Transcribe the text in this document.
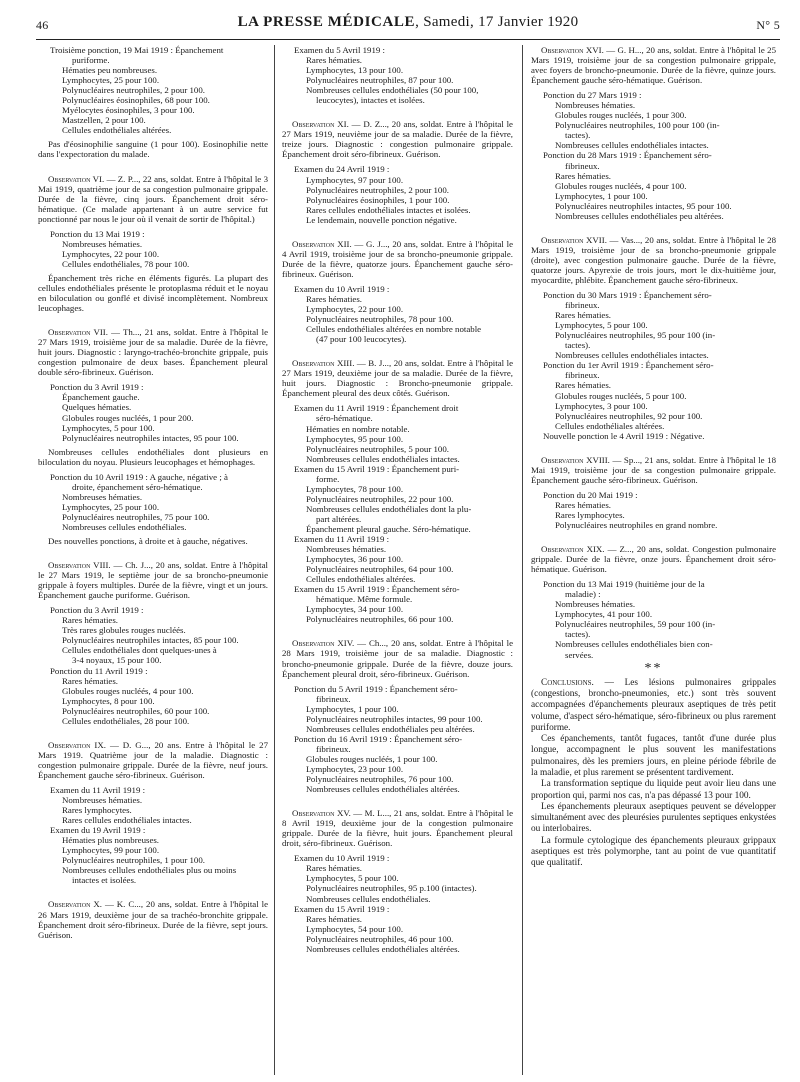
46	LA PRESSE MÉDICALE, Samedi, 17 Janvier 1920	N° 5

Troisième ponction, 19 Mai 1919 : Épanchement

puriforme.

Hématies peu nombreuses.

Lymphocytes, 25 pour 100.

Polynucléaires neutrophiles, 2 pour 100.

Polynucléaires éosinophiles, 68 pour 100.

Myélocytes éosinophiles, 3 pour 100.

Mastzellen, 2 pour 100.

Cellules endothéliales altérées.

Pas d'éosinophilie sanguine (1 pour 100). Eosinophilie nette dans l'expectoration du malade.

Observation VI. — Z. P..., 22 ans, soldat. Entre à l'hôpital le 3 Mai 1919, quatrième jour de sa congestion pulmonaire grippale. Durée de la fièvre, cinq jours. Épanchement droit séro-hématique. (Ce malade appartenant à un autre service fut ponctionné par nous le jour où il venait de sortir de l'hôpital.)

Ponction du 13 Mai 1919 :

Nombreuses hématies.

Lymphocytes, 22 pour 100.

Cellules endothéliales, 78 pour 100.

Épanchement très riche en éléments figurés. La plupart des cellules endothéliales présente le protoplasma réduit et le noyau en biloculation ou gonflé et divisé incomplètement. Nombreux leucophages.

Observation VII. — Th..., 21 ans, soldat. Entre à l'hôpital le 27 Mars 1919, troisième jour de sa maladie. Durée de la fièvre, huit jours. Diagnostic : laryngo-trachéo-bronchite grippale, puis congestion pulmonaire de deux bases. Épanchement pleural double séro-fibrineux. Guérison.

Ponction du 3 Avril 1919 :

Épanchement gauche.

Quelques hématies.

Globules rouges nucléés, 1 pour 200.

Lymphocytes, 5 pour 100.

Polynucléaires neutrophiles intactes, 95 pour 100.

Nombreuses cellules endothéliales dont plusieurs en biloculation du noyau. Plusieurs leucophages et hémophages.

Ponction du 10 Avril 1919 : A gauche, négative ; à

droite, épanchement séro-hématique.

Nombreuses hématies.

Lymphocytes, 25 pour 100.

Polynucléaires neutrophiles, 75 pour 100.

Nombreuses cellules endothéliales.

Des nouvelles ponctions, à droite et à gauche, négatives.

Observation VIII. — Ch. J..., 20 ans, soldat. Entre à l'hôpital le 27 Mars 1919, le septième jour de sa broncho-pneumonie grippale à foyers multiples. Durée de la fièvre, vingt et un jours. Épanchement gauche puriforme. Guérison.

Ponction du 3 Avril 1919 :

Rares hématies.

Très rares globules rouges nucléés.

Polynucléaires neutrophiles intactes, 85 pour 100.

Cellules endothéliales dont quelques-unes à

3-4 noyaux, 15 pour 100.

Ponction du 11 Avril 1919 :

Rares hématies.

Globules rouges nucléés, 4 pour 100.

Lymphocytes, 8 pour 100.

Polynucléaires neutrophiles, 60 pour 100.

Cellules endothéliales, 28 pour 100.

Observation IX. — D. G..., 20 ans. Entre à l'hôpital le 27 Mars 1919. Quatrième jour de la maladie. Diagnostic : congestion pulmonaire grippale. Durée de la fièvre, neuf jours. Épanchement gauche séro-fibrineux. Guérison.

Examen du 11 Avril 1919 :

Nombreuses hématies.

Rares lymphocytes.

Rares cellules endothéliales intactes.

Examen du 19 Avril 1919 :

Hématies plus nombreuses.

Lymphocytes, 99 pour 100.

Polynucléaires neutrophiles, 1 pour 100.

Nombreuses cellules endothéliales plus ou moins

intactes et isolées.

Observation X. — K. C..., 20 ans, soldat. Entre à l'hôpital le 26 Mars 1919, deuxième jour de sa trachéo-bronchite grippale. Épanchement droit séro-fibrineux. Durée de la fièvre, sept jours. Guérison.

Examen du 5 Avril 1919 :

Rares hématies.

Lymphocytes, 13 pour 100.

Polynucléaires neutrophiles, 87 pour 100.

Nombreuses cellules endothéliales (50 pour 100,

leucocytes), intactes et isolées.

Observation XI. — D. Z..., 20 ans, soldat. Entre à l'hôpital le 27 Mars 1919, neuvième jour de sa maladie. Durée de la fièvre, treize jours. Diagnostic : congestion pulmonaire grippale. Épanchement droit séro-fibrineux. Guérison.

Examen du 24 Avril 1919 :

Lymphocytes, 97 pour 100.

Polynucléaires neutrophiles, 2 pour 100.

Polynucléaires éosinophiles, 1 pour 100.

Rares cellules endothéliales intactes et isolées.

Le lendemain, nouvelle ponction négative.

Observation XII. — G. J..., 20 ans, soldat. Entre à l'hôpital le 4 Avril 1919, troisième jour de sa broncho-pneumonie grippale. Durée de la fièvre, quatorze jours. Épanchement gauche séro-fibrineux. Guérison.

Examen du 10 Avril 1919 :

Rares hématies.

Lymphocytes, 22 pour 100.

Polynucléaires neutrophiles, 78 pour 100.

Cellules endothéliales altérées en nombre notable

(47 pour 100 leucocytes).

Observation XIII. — B. J..., 20 ans, soldat. Entre à l'hôpital le 27 Mars 1919, deuxième jour de sa maladie. Durée de la fièvre, huit jours. Diagnostic : Broncho-pneumonie grippale. Épanchement pleural des deux côtés. Guérison.

Examen du 11 Avril 1919 : Épanchement droit

séro-hématique.

Hématies en nombre notable.

Lymphocytes, 95 pour 100.

Polynucléaires neutrophiles, 5 pour 100.

Nombreuses cellules endothéliales intactes.

Examen du 15 Avril 1919 : Épanchement puri-

forme.

Lymphocytes, 78 pour 100.

Polynucléaires neutrophiles, 22 pour 100.

Nombreuses cellules endothéliales dont la plu-

part altérées.

Épanchement pleural gauche. Séro-hématique.

Examen du 11 Avril 1919 :

Nombreuses hématies.

Lymphocytes, 36 pour 100.

Polynucléaires neutrophiles, 64 pour 100.

Cellules endothéliales altérées.

Examen du 15 Avril 1919 : Épanchement séro-

hématique. Même formule.

Lymphocytes, 34 pour 100.

Polynucléaires neutrophiles, 66 pour 100.

Observation XIV. — Ch..., 20 ans, soldat. Entre à l'hôpital le 28 Mars 1919, troisième jour de sa maladie. Diagnostic : broncho-pneumonie grippale. Durée de la fièvre, douze jours. Épanchement pleural droit, séro-fibrineux. Guérison.

Ponction du 5 Avril 1919 : Épanchement séro-

fibrineux.

Lymphocytes, 1 pour 100.

Polynucléaires neutrophiles intactes, 99 pour 100.

Nombreuses cellules endothéliales peu altérées.

Ponction du 16 Avril 1919 : Épanchement séro-

fibrineux.

Globules rouges nucléés, 1 pour 100.

Lymphocytes, 23 pour 100.

Polynucléaires neutrophiles, 76 pour 100.

Nombreuses cellules endothéliales altérées.

Observation XV. — M. L..., 21 ans, soldat. Entre à l'hôpital le 8 Avril 1919, deuxième jour de la congestion pulmonaire grippale. Durée de la fièvre, huit jours. Épanchement pleural droit, séro-fibrineux. Guérison.

Examen du 10 Avril 1919 :

Rares hématies.

Lymphocytes, 5 pour 100.

Polynucléaires neutrophiles, 95 p.100 (intactes).

Nombreuses cellules endothéliales.

Examen du 15 Avril 1919 :

Rares hématies.

Lymphocytes, 54 pour 100.

Polynucléaires neutrophiles, 46 pour 100.

Nombreuses cellules endothéliales altérées.

Observation XVI. — G. H..., 20 ans, soldat. Entre à l'hôpital le 25 Mars 1919, troisième jour de sa congestion pulmonaire grippale, avec foyers de broncho-pneumonie. Durée de la fièvre, quinze jours. Épanchement gauche séro-hématique. Guérison.

Ponction du 27 Mars 1919 :

Nombreuses hématies.

Globules rouges nucléés, 1 pour 300.

Polynucléaires neutrophiles, 100 pour 100 (in-

tactes).

Nombreuses cellules endothéliales intactes.

Ponction du 28 Mars 1919 : Épanchement séro-

fibrineux.

Rares hématies.

Globules rouges nucléés, 4 pour 100.

Lymphocytes, 1 pour 100.

Polynucléaires neutrophiles intactes, 95 pour 100.

Nombreuses cellules endothéliales peu altérées.

Observation XVII. — Vas..., 20 ans, soldat. Entre à l'hôpital le 28 Mars 1919, troisième jour de sa broncho-pneumonie grippale (droite), avec congestion pulmonaire gauche. Durée de la fièvre, quatorze jours. Apyrexie de trois jours, mort le dix-huitième jour, myocardite, phlébite. Épanchement gauche séro-fibrineux.

Ponction du 30 Mars 1919 : Épanchement séro-

fibrineux.

Rares hématies.

Lymphocytes, 5 pour 100.

Polynucléaires neutrophiles, 95 pour 100 (in-

tactes).

Nombreuses cellules endothéliales intactes.

Ponction du 1er Avril 1919 : Épanchement séro-

fibrineux.

Rares hématies.

Globules rouges nucléés, 5 pour 100.

Lymphocytes, 3 pour 100.

Polynucléaires neutrophiles, 92 pour 100.

Cellules endothéliales altérées.

Nouvelle ponction le 4 Avril 1919 : Négative.

Observation XVIII. — Sp..., 21 ans, soldat. Entre à l'hôpital le 18 Mai 1919, troisième jour de sa congestion pulmonaire grippale. Épanchement gauche séro-fibrineux. Guérison.

Ponction du 20 Mai 1919 :

Rares hématies.

Rares lymphocytes.

Polynucléaires neutrophiles en grand nombre.

Observation XIX. — Z..., 20 ans, soldat. Congestion pulmonaire grippale. Durée de la fièvre, onze jours. Épanchement droit séro-hématique. Guérison.

Ponction du 13 Mai 1919 (huitième jour de la

maladie) :

Nombreuses hématies.

Lymphocytes, 41 pour 100.

Polynucléaires neutrophiles, 59 pour 100 (in-

tactes).

Nombreuses cellules endothéliales bien con-

servées.

**

Conclusions. — Les lésions pulmonaires grippales (congestions, broncho-pneumonies, etc.) sont très souvent accompagnées d'épanchements pleuraux aseptiques de très petit volume, d'aspect séro-hématique, séro-fibrineux ou plus rarement puriforme.

Ces épanchements, tantôt fugaces, tantôt d'une durée plus longue, accompagnent le plus souvent les manifestations pulmonaires, dès les premiers jours, en pleine période fébrile de la maladie, et plus rarement se présentent tardivement.

La transformation septique du liquide peut avoir lieu dans une proportion qui, parmi nos cas, n'a pas dépassé 13 pour 100.

Les épanchements pleuraux aseptiques peuvent se développer simultanément avec des pleurésies purulentes septiques enkystées ou interlobaires.

La formule cytologique des épanchements pleuraux grippaux aseptiques est très polymorphe, tant au point de vue quantitatif que qualitatif.
